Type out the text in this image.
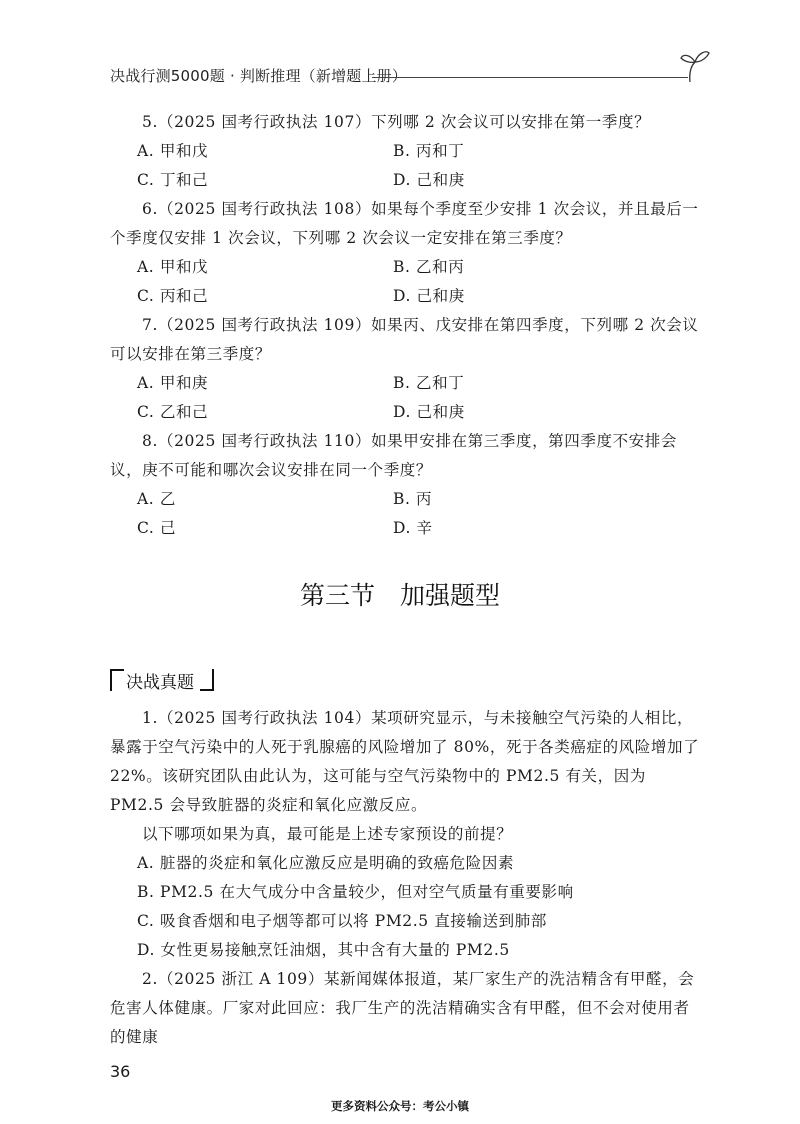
决战行测5000题 · 判断推理（新增题上册）

5.（2025 国考行政执法 107）下列哪 2 次会议可以安排在第一季度？

A. 甲和戊	B. 丙和丁
C. 丁和己	D. 己和庚

6.（2025 国考行政执法 108）如果每个季度至少安排 1 次会议，并且最后一个季度仅安排 1 次会议，下列哪 2 次会议一定安排在第三季度？

A. 甲和戊	B. 乙和丙
C. 丙和己	D. 己和庚

7.（2025 国考行政执法 109）如果丙、戊安排在第四季度，下列哪 2 次会议可以安排在第三季度？

A. 甲和庚	B. 乙和丁
C. 乙和己	D. 己和庚

8.（2025 国考行政执法 110）如果甲安排在第三季度，第四季度不安排会议，庚不可能和哪次会议安排在同一个季度？

A. 乙	B. 丙
C. 己	D. 辛
第三节　加强题型
决战真题

1.（2025 国考行政执法 104）某项研究显示，与未接触空气污染的人相比，暴露于空气污染中的人死于乳腺癌的风险增加了 80%，死于各类癌症的风险增加了 22%。该研究团队由此认为，这可能与空气污染物中的 PM2.5 有关，因为 PM2.5 会导致脏器的炎症和氧化应激反应。

以下哪项如果为真，最可能是上述专家预设的前提？

A. 脏器的炎症和氧化应激反应是明确的致癌危险因素
B. PM2.5 在大气成分中含量较少，但对空气质量有重要影响
C. 吸食香烟和电子烟等都可以将 PM2.5 直接输送到肺部
D. 女性更易接触烹饪油烟，其中含有大量的 PM2.5

2.（2025 浙江 A 109）某新闻媒体报道，某厂家生产的洗洁精含有甲醛，会危害人体健康。厂家对此回应：我厂生产的洗洁精确实含有甲醛，但不会对使用者的健康

36
更多资料公众号：考公小镇
